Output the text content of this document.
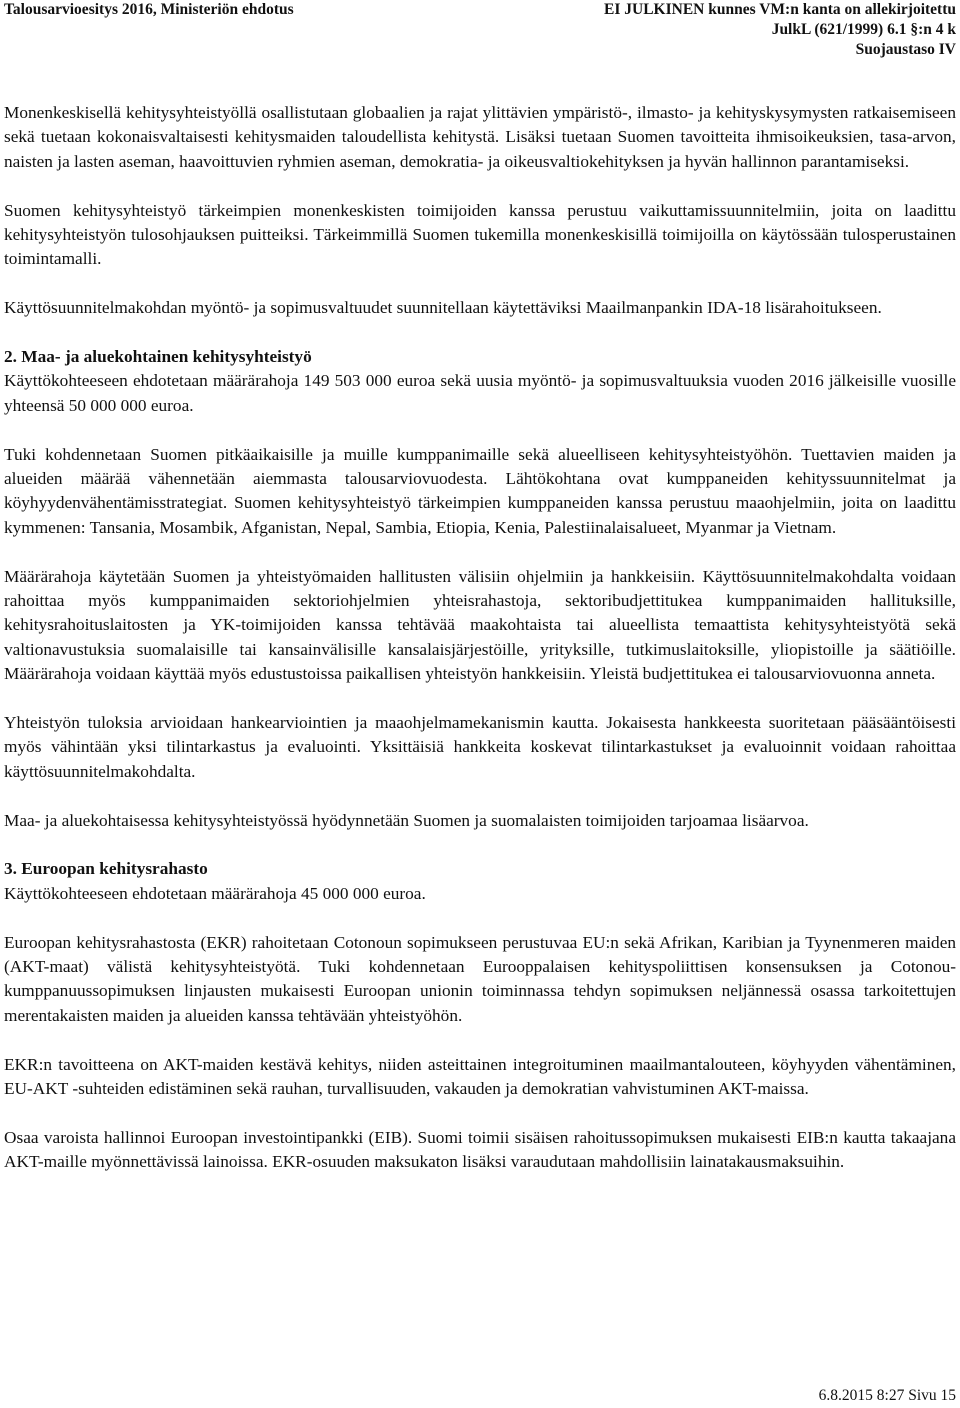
Talousarvioesitys 2016, Ministeriön ehdotus	EI JULKINEN kunnes VM:n kanta on allekirjoitettu
JulkL (621/1999) 6.1 §:n 4 k
Suojaustaso IV

Monenkeskisellä kehitysyhteistyöllä osallistutaan globaalien ja rajat ylittävien ympäristö-, ilmasto- ja kehityskysymysten ratkaisemiseen sekä tuetaan kokonaisvaltaisesti kehitysmaiden taloudellista kehitystä. Lisäksi tuetaan Suomen tavoitteita ihmisoikeuksien, tasa-arvon, naisten ja lasten aseman, haavoittuvien ryhmien aseman, demokratia- ja oikeusvaltiokehityksen ja hyvän hallinnon parantamiseksi.

Suomen kehitysyhteistyö tärkeimpien monenkeskisten toimijoiden kanssa perustuu vaikuttamissuunnitelmiin, joita on laadittu kehitysyhteistyön tulosohjauksen puitteiksi. Tärkeimmillä Suomen tukemilla monenkeskisillä toimijoilla on käytössään tulosperustainen toimintamalli.

Käyttösuunnitelmakohdan myöntö- ja sopimusvaltuudet suunnitellaan käytettäviksi Maailmanpankin IDA-18 lisärahoitukseen.

2. Maa- ja aluekohtainen kehitysyhteistyö

Käyttökohteeseen ehdotetaan määrärahoja 149 503 000 euroa sekä uusia myöntö- ja sopimusvaltuuksia vuoden 2016 jälkeisille vuosille yhteensä 50 000 000 euroa.

Tuki kohdennetaan Suomen pitkäaikaisille ja muille kumppanimaille sekä alueelliseen kehitysyhteistyöhön. Tuettavien maiden ja alueiden määrää vähennetään aiemmasta talousarviovuodesta. Lähtökohtana ovat kumppaneiden kehityssuunnitelmat ja köyhyydenvähentämisstrategiat. Suomen kehitysyhteistyö tärkeimpien kumppaneiden kanssa perustuu maaohjelmiin, joita on laadittu kymmenen: Tansania, Mosambik, Afganistan, Nepal, Sambia, Etiopia, Kenia, Palestiinalaisalueet, Myanmar ja Vietnam.

Määrärahoja käytetään Suomen ja yhteistyömaiden hallitusten välisiin ohjelmiin ja hankkeisiin. Käyttösuunnitelmakohdalta voidaan rahoittaa myös kumppanimaiden sektoriohjelmien yhteisrahastoja, sektoribudjettitukea kumppanimaiden hallituksille, kehitysrahoituslaitosten ja YK-toimijoiden kanssa tehtävää maakohtaista tai alueellista temaattista kehitysyhteistyötä sekä valtionavustuksia suomalaisille tai kansainvälisille kansalaisjärjestöille, yrityksille, tutkimuslaitoksille, yliopistoille ja säätiöille. Määrärahoja voidaan käyttää myös edustustoissa paikallisen yhteistyön hankkeisiin. Yleistä budjettitukea ei talousarviovuonna anneta.

Yhteistyön tuloksia arvioidaan hankearviointien ja maaohjelmamekanismin kautta. Jokaisesta hankkeesta suoritetaan pääsääntöisesti myös vähintään yksi tilintarkastus ja evaluointi. Yksittäisiä hankkeita koskevat tilintarkastukset ja evaluoinnit voidaan rahoittaa käyttösuunnitelmakohdalta.

Maa- ja aluekohtaisessa kehitysyhteistyössä hyödynnetään Suomen ja suomalaisten toimijoiden tarjoamaa lisäarvoa.

3. Euroopan kehitysrahasto

Käyttökohteeseen ehdotetaan määrärahoja 45 000 000 euroa.

Euroopan kehitysrahastosta (EKR) rahoitetaan Cotonoun sopimukseen perustuvaa EU:n sekä Afrikan, Karibian ja Tyynenmeren maiden (AKT-maat) välistä kehitysyhteistyötä. Tuki kohdennetaan Eurooppalaisen kehityspoliittisen konsensuksen ja Cotonou-kumppanuussopimuksen linjausten mukaisesti Euroopan unionin toiminnassa tehdyn sopimuksen neljännessä osassa tarkoitettujen merentakaisten maiden ja alueiden kanssa tehtävään yhteistyöhön.

EKR:n tavoitteena on AKT-maiden kestävä kehitys, niiden asteittainen integroituminen maailmantalouteen, köyhyyden vähentäminen, EU-AKT -suhteiden edistäminen sekä rauhan, turvallisuuden, vakauden ja demokratian vahvistuminen AKT-maissa.

Osaa varoista hallinnoi Euroopan investointipankki (EIB). Suomi toimii sisäisen rahoitussopimuksen mukaisesti EIB:n kautta takaajana AKT-maille myönnettävissä lainoissa. EKR-osuuden maksukaton lisäksi varaudutaan mahdollisiin lainatakausmaksuihin.

6.8.2015 8:27 Sivu 15
